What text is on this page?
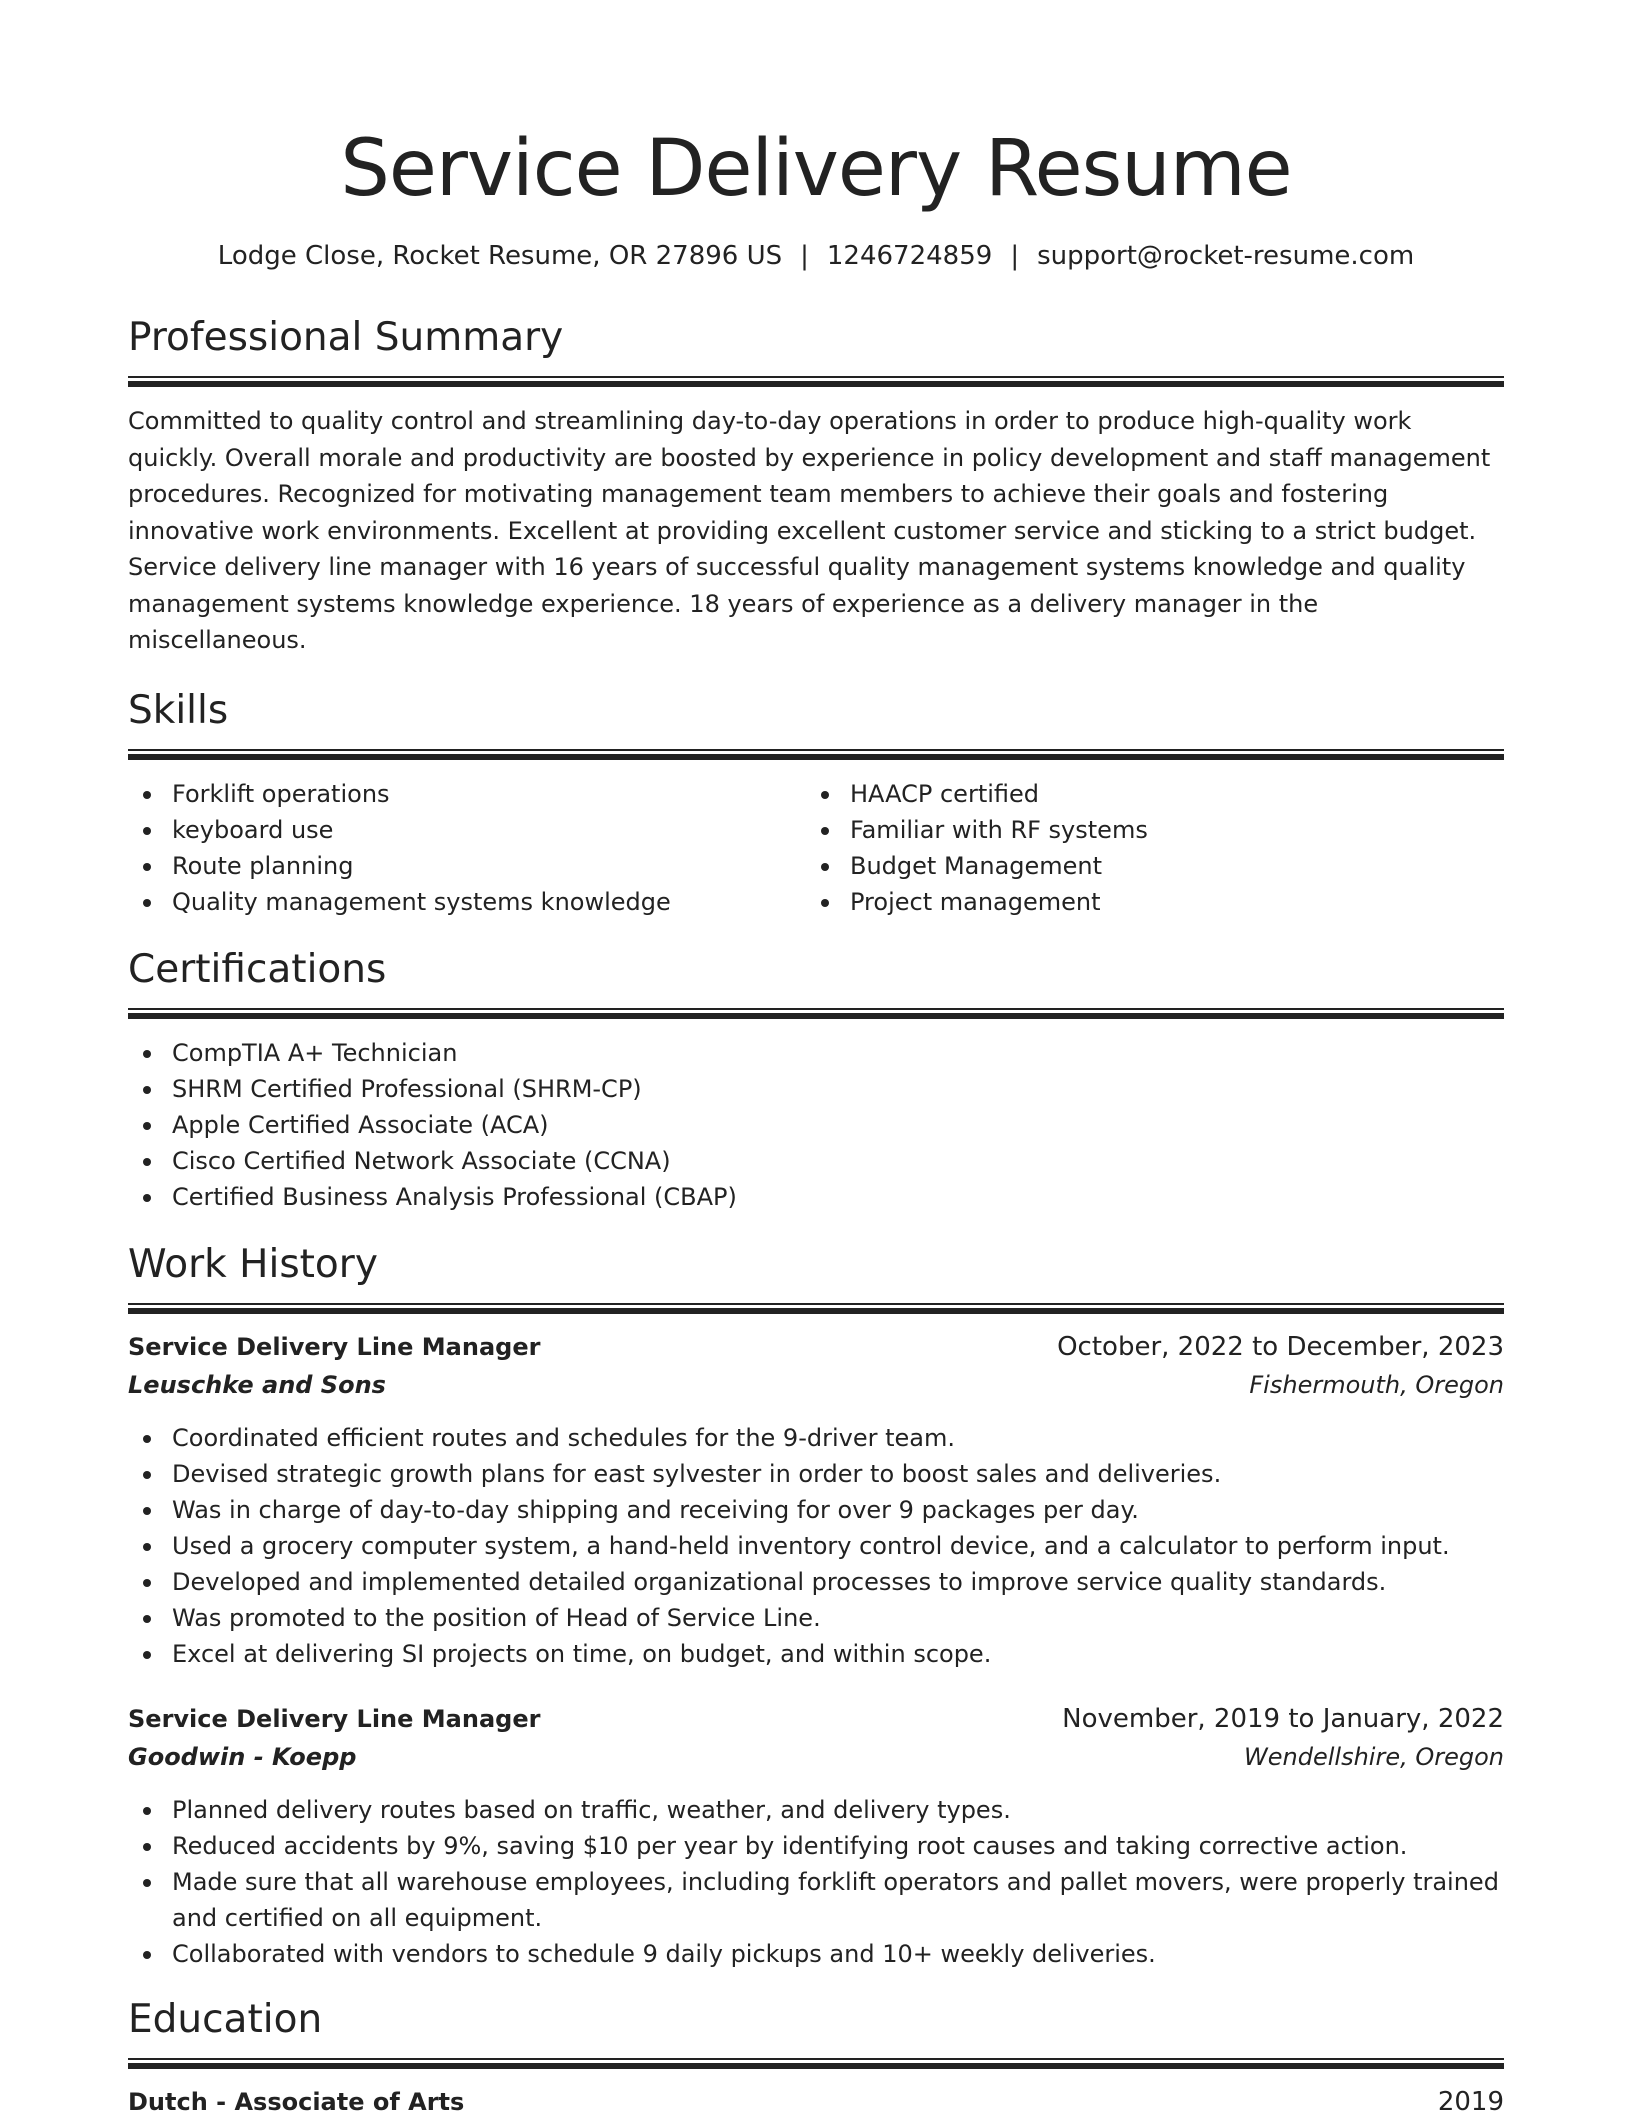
Service Delivery Resume
Lodge Close, Rocket Resume, OR 27896 US | 1246724859 | support@rocket-resume.com
Professional Summary
Committed to quality control and streamlining day-to-day operations in order to produce high-quality work quickly. Overall morale and productivity are boosted by experience in policy development and staff management procedures. Recognized for motivating management team members to achieve their goals and fostering innovative work environments. Excellent at providing excellent customer service and sticking to a strict budget. Service delivery line manager with 16 years of successful quality management systems knowledge and quality management systems knowledge experience. 18 years of experience as a delivery manager in the miscellaneous.
Skills
Forklift operations
keyboard use
Route planning
Quality management systems knowledge
HAACP certified
Familiar with RF systems
Budget Management
Project management
Certifications
CompTIA A+ Technician
SHRM Certified Professional (SHRM-CP)
Apple Certified Associate (ACA)
Cisco Certified Network Associate (CCNA)
Certified Business Analysis Professional (CBAP)
Work History
Service Delivery Line Manager	October, 2022 to December, 2023
Leuschke and Sons	Fishermouth, Oregon
Coordinated efficient routes and schedules for the 9-driver team.
Devised strategic growth plans for east sylvester in order to boost sales and deliveries.
Was in charge of day-to-day shipping and receiving for over 9 packages per day.
Used a grocery computer system, a hand-held inventory control device, and a calculator to perform input.
Developed and implemented detailed organizational processes to improve service quality standards.
Was promoted to the position of Head of Service Line.
Excel at delivering SI projects on time, on budget, and within scope.
Service Delivery Line Manager	November, 2019 to January, 2022
Goodwin - Koepp	Wendellshire, Oregon
Planned delivery routes based on traffic, weather, and delivery types.
Reduced accidents by 9%, saving $10 per year by identifying root causes and taking corrective action.
Made sure that all warehouse employees, including forklift operators and pallet movers, were properly trained and certified on all equipment.
Collaborated with vendors to schedule 9 daily pickups and 10+ weekly deliveries.
Education
Dutch - Associate of Arts	2019
